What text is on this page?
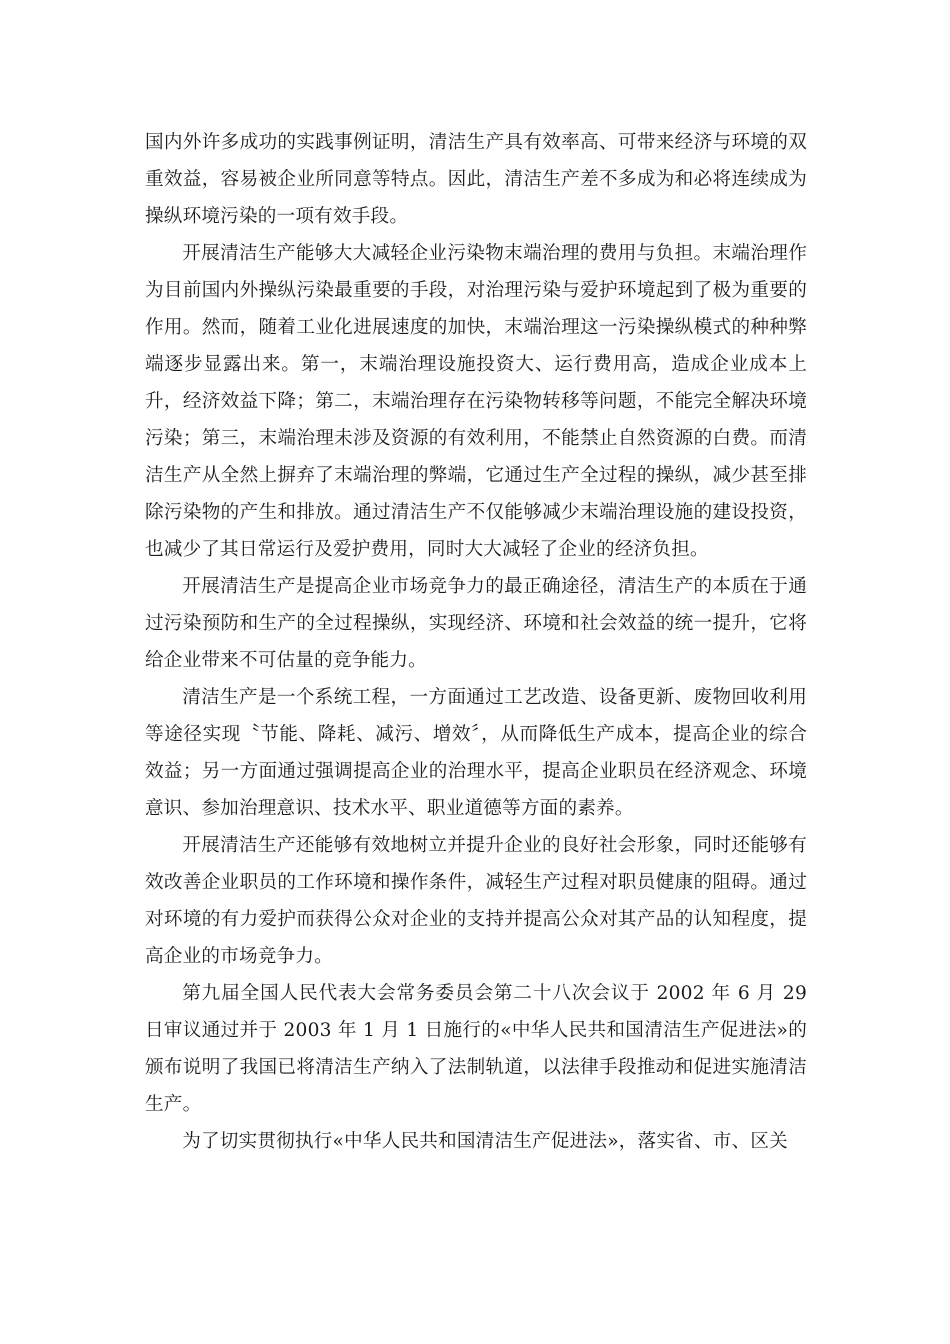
国内外许多成功的实践事例证明，清洁生产具有效率高、可带来经济与环境的双重效益，容易被企业所同意等特点。因此，清洁生产差不多成为和必将连续成为操纵环境污染的一项有效手段。

开展清洁生产能够大大减轻企业污染物末端治理的费用与负担。末端治理作为目前国内外操纵污染最重要的手段，对治理污染与爱护环境起到了极为重要的作用。然而，随着工业化进展速度的加快，末端治理这一污染操纵模式的种种弊端逐步显露出来。第一，末端治理设施投资大、运行费用高，造成企业成本上升，经济效益下降；第二，末端治理存在污染物转移等问题，不能完全解决环境污染；第三，末端治理未涉及资源的有效利用，不能禁止自然资源的白费。而清洁生产从全然上摒弃了末端治理的弊端，它通过生产全过程的操纵，减少甚至排除污染物的产生和排放。通过清洁生产不仅能够减少末端治理设施的建设投资，也减少了其日常运行及爱护费用，同时大大减轻了企业的经济负担。

开展清洁生产是提高企业市场竞争力的最正确途径，清洁生产的本质在于通过污染预防和生产的全过程操纵，实现经济、环境和社会效益的统一提升，它将给企业带来不可估量的竞争能力。

清洁生产是一个系统工程，一方面通过工艺改造、设备更新、废物回收利用等途径实现〝节能、降耗、减污、增效〞，从而降低生产成本，提高企业的综合效益；另一方面通过强调提高企业的治理水平，提高企业职员在经济观念、环境意识、参加治理意识、技术水平、职业道德等方面的素养。

开展清洁生产还能够有效地树立并提升企业的良好社会形象，同时还能够有效改善企业职员的工作环境和操作条件，减轻生产过程对职员健康的阻碍。通过对环境的有力爱护而获得公众对企业的支持并提高公众对其产品的认知程度，提高企业的市场竞争力。

第九届全国人民代表大会常务委员会第二十八次会议于 2002 年 6 月 29 日审议通过并于 2003 年 1 月 1 日施行的«中华人民共和国清洁生产促进法»的颁布说明了我国已将清洁生产纳入了法制轨道，以法律手段推动和促进实施清洁生产。

为了切实贯彻执行«中华人民共和国清洁生产促进法»，落实省、市、区关
